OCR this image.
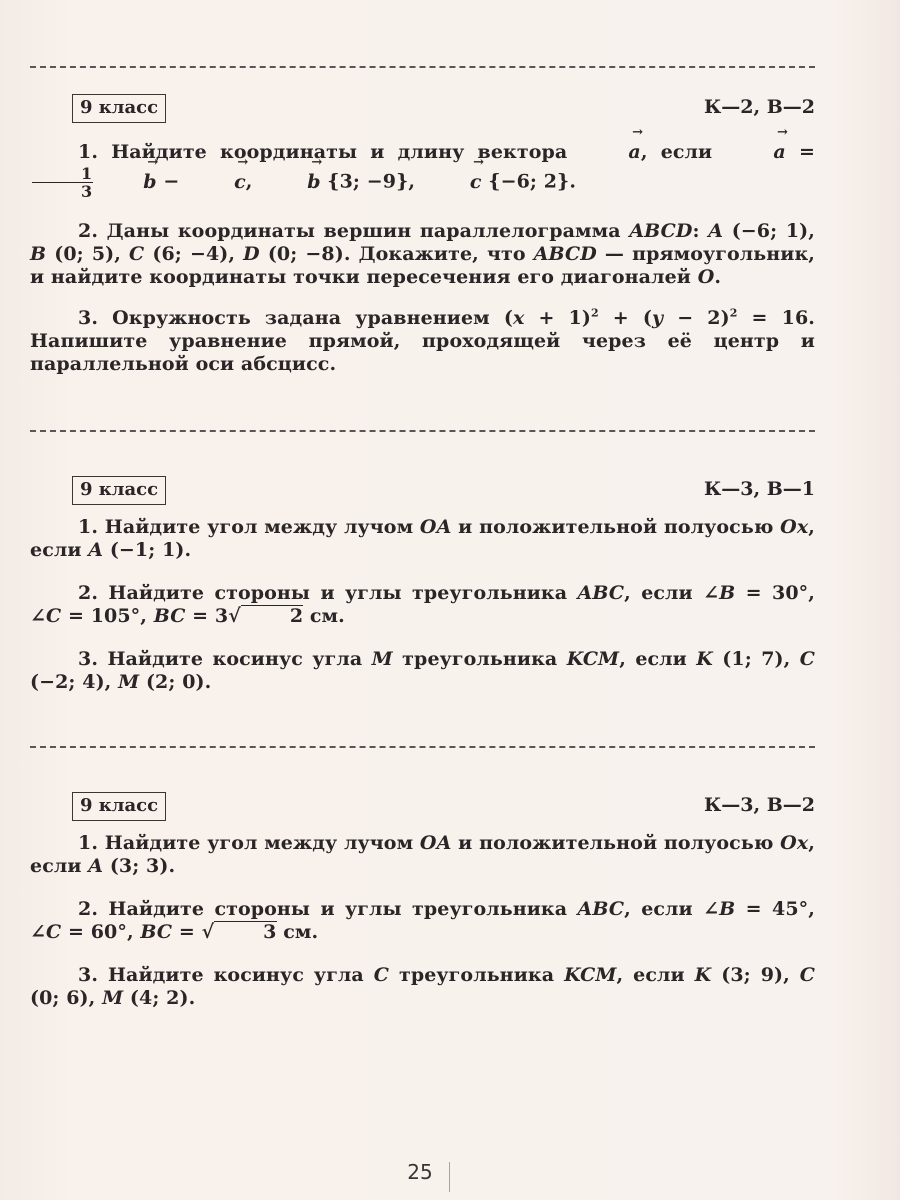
9 класс	К—2, В—2
1. Найдите координаты и длину вектора	→ a, если	→ a =
$\frac{1}{3}$	→ b −	→ c,	→ b {3; −9},	→ c {−6; 2}.
2. Даны координаты вершин параллелограмма ABCD: A (−6; 1), B (0; 5), C (6; −4), D (0; −8). Докажите, что ABCD — прямоугольник, и найдите координаты точки пересечения его диагоналей O.
3. Окружность задана уравнением $(x + 1)^2 + (y - 2)^2 = 16$. Напишите уравнение прямой, проходящей через её центр и параллельной оси абсцисс.
9 класс	К—3, В—1
1. Найдите угол между лучом OA и положительной полуосью Ox, если A (−1; 1).
2. Найдите стороны и углы треугольника ABC, если ∠B = 30°, ∠C = 105°, BC = 3√	2 см.
3. Найдите косинус угла M треугольника KCM, если K (1; 7), C (−2; 4), M (2; 0).
9 класс	К—3, В—2
1. Найдите угол между лучом OA и положительной полуосью Ox, если A (3; 3).
2. Найдите стороны и углы треугольника ABC, если ∠B = 45°, ∠C = 60°, BC = √	3 см.
3. Найдите косинус угла C треугольника KCM, если K (3; 9), C (0; 6), M (4; 2).
25
